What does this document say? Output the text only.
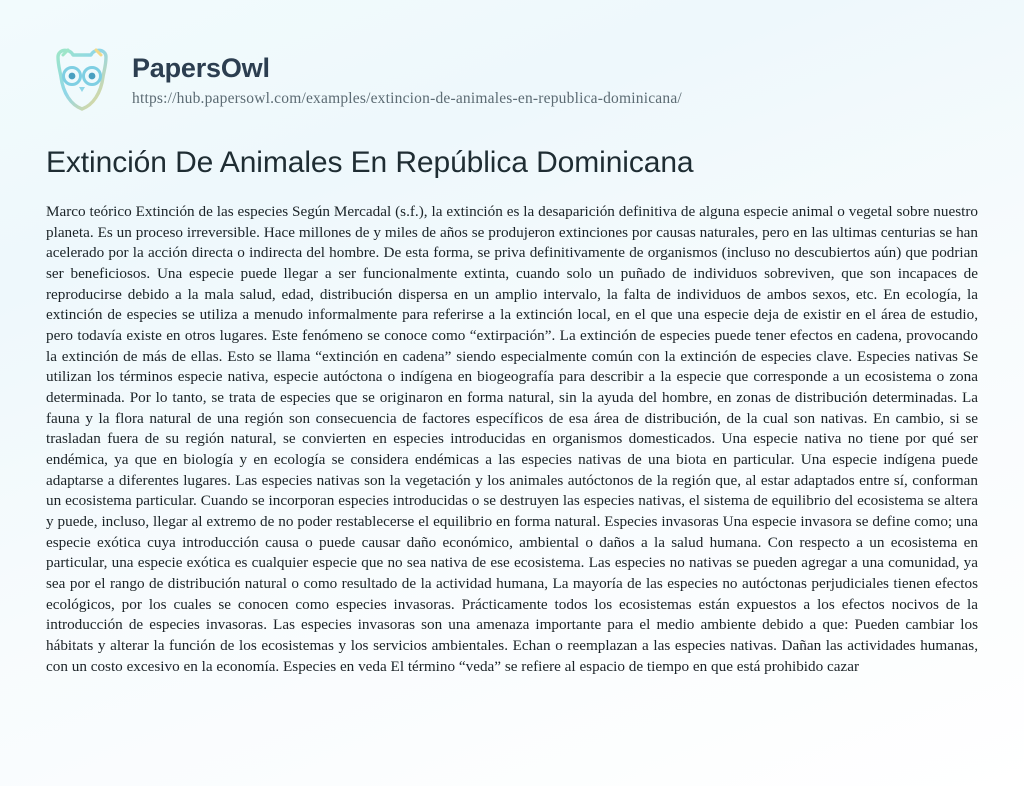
PapersOwl
https://hub.papersowl.com/examples/extincion-de-animales-en-republica-dominicana/
Extinción De Animales En República Dominicana

Marco teórico Extinción de las especies Según Mercadal (s.f.), la extinción es la desaparición definitiva de alguna especie animal o vegetal sobre nuestro planeta. Es un proceso irreversible. Hace millones de y miles de años se produjeron extinciones por causas naturales, pero en las ultimas centurias se han acelerado por la acción directa o indirecta del hombre. De esta forma, se priva definitivamente de organismos (incluso no descubiertos aún) que podrian ser beneficiosos. Una especie puede llegar a ser funcionalmente extinta, cuando solo un puñado de individuos sobreviven, que son incapaces de reproducirse debido a la mala salud, edad, distribución dispersa en un amplio intervalo, la falta de individuos de ambos sexos, etc. En ecología, la extinción de especies se utiliza a menudo informalmente para referirse a la extinción local, en el que una especie deja de existir en el área de estudio, pero todavía existe en otros lugares. Este fenómeno se conoce como “extirpación”. La extinción de especies puede tener efectos en cadena, provocando la extinción de más de ellas. Esto se llama “extinción en cadena” siendo especialmente común con la extinción de especies clave. Especies nativas Se utilizan los términos especie nativa, especie autóctona o indígena en biogeografía para describir a la especie que corresponde a un ecosistema o zona determinada. Por lo tanto, se trata de especies que se originaron en forma natural, sin la ayuda del hombre, en zonas de distribución determinadas. La fauna y la flora natural de una región son consecuencia de factores específicos de esa área de distribución, de la cual son nativas. En cambio, si se trasladan fuera de su región natural, se convierten en especies introducidas en organismos domesticados. Una especie nativa no tiene por qué ser endémica, ya que en biología y en ecología se considera endémicas a las especies nativas de una biota en particular. Una especie indígena puede adaptarse a diferentes lugares. Las especies nativas son la vegetación y los animales autóctonos de la región que, al estar adaptados entre sí, conforman un ecosistema particular. Cuando se incorporan especies introducidas o se destruyen las especies nativas, el sistema de equilibrio del ecosistema se altera y puede, incluso, llegar al extremo de no poder restablecerse el equilibrio en forma natural. Especies invasoras Una especie invasora se define como; una especie exótica cuya introducción causa o puede causar daño económico, ambiental o daños a la salud humana. Con respecto a un ecosistema en particular, una especie exótica es cualquier especie que no sea nativa de ese ecosistema. Las especies no nativas se pueden agregar a una comunidad, ya sea por el rango de distribución natural o como resultado de la actividad humana, La mayoría de las especies no autóctonas perjudiciales tienen efectos ecológicos, por los cuales se conocen como especies invasoras. Prácticamente todos los ecosistemas están expuestos a los efectos nocivos de la introducción de especies invasoras. Las especies invasoras son una amenaza importante para el medio ambiente debido a que: Pueden cambiar los hábitats y alterar la función de los ecosistemas y los servicios ambientales. Echan o reemplazan a las especies nativas. Dañan las actividades humanas, con un costo excesivo en la economía. Especies en veda El término “veda” se refiere al espacio de tiempo en que está prohibido cazar
